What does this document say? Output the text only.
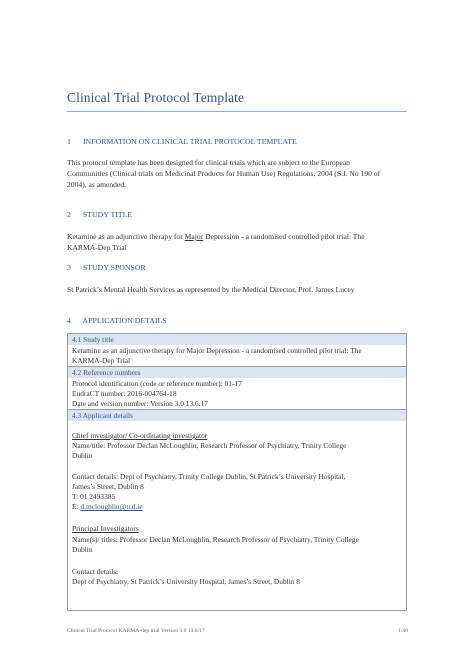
Clinical Trial Protocol Template
1 INFORMATION ON CLINICAL TRIAL PROTOCOL TEMPLATE
This protocol template has been designed for clinical trials which are subject to the European
Communities (Clinical trials on Medicinal Products for Human Use) Regulations, 2004 (S.I. No 190 of
2004), as amended.
2 STUDY TITLE
Ketamine as an adjunctive therapy for Major Depression - a randomised controlled pilot trial: The
KARMA-Dep Trial
3 STUDY SPONSOR
St Patrick’s Mental Health Services as represented by the Medical Director, Prof. James Lucey
4 APPLICATION DETAILS
4.1 Study title
Ketamine as an adjunctive therapy for Major Depression - a randomised controlled pilot trial: The
KARMA-Dep Trial
4.2 Reference numbers
Protocol identification (code or reference number): 01-17
EudraCT number: 2016-004764-18
Date and version number: Version 3.0 13.6.17
4.3 Applicant details
Chief investigator/ Co-ordinating investigator
Name/title: Professor Declan McLoughlin, Research Professor of Psychiatry, Trinity College
Dublin
Contact details: Dept of Psychiatry, Trinity College Dublin, St Patrick’s University Hospital,
James’s Street, Dublin 8
T: 01 2493385
E: d.mcloughlin@tcd.ie
Principal Investigators
Name(s)/ titles: Professor Declan McLoughlin, Research Professor of Psychiatry, Trinity College
Dublin
Contact details:
Dept of Psychiatry, St Patrick’s University Hospital, James’s Street, Dublin 8
Clinical Trial Protocol KARMA-dep trial Version 3.0 13.6/17	1/40
